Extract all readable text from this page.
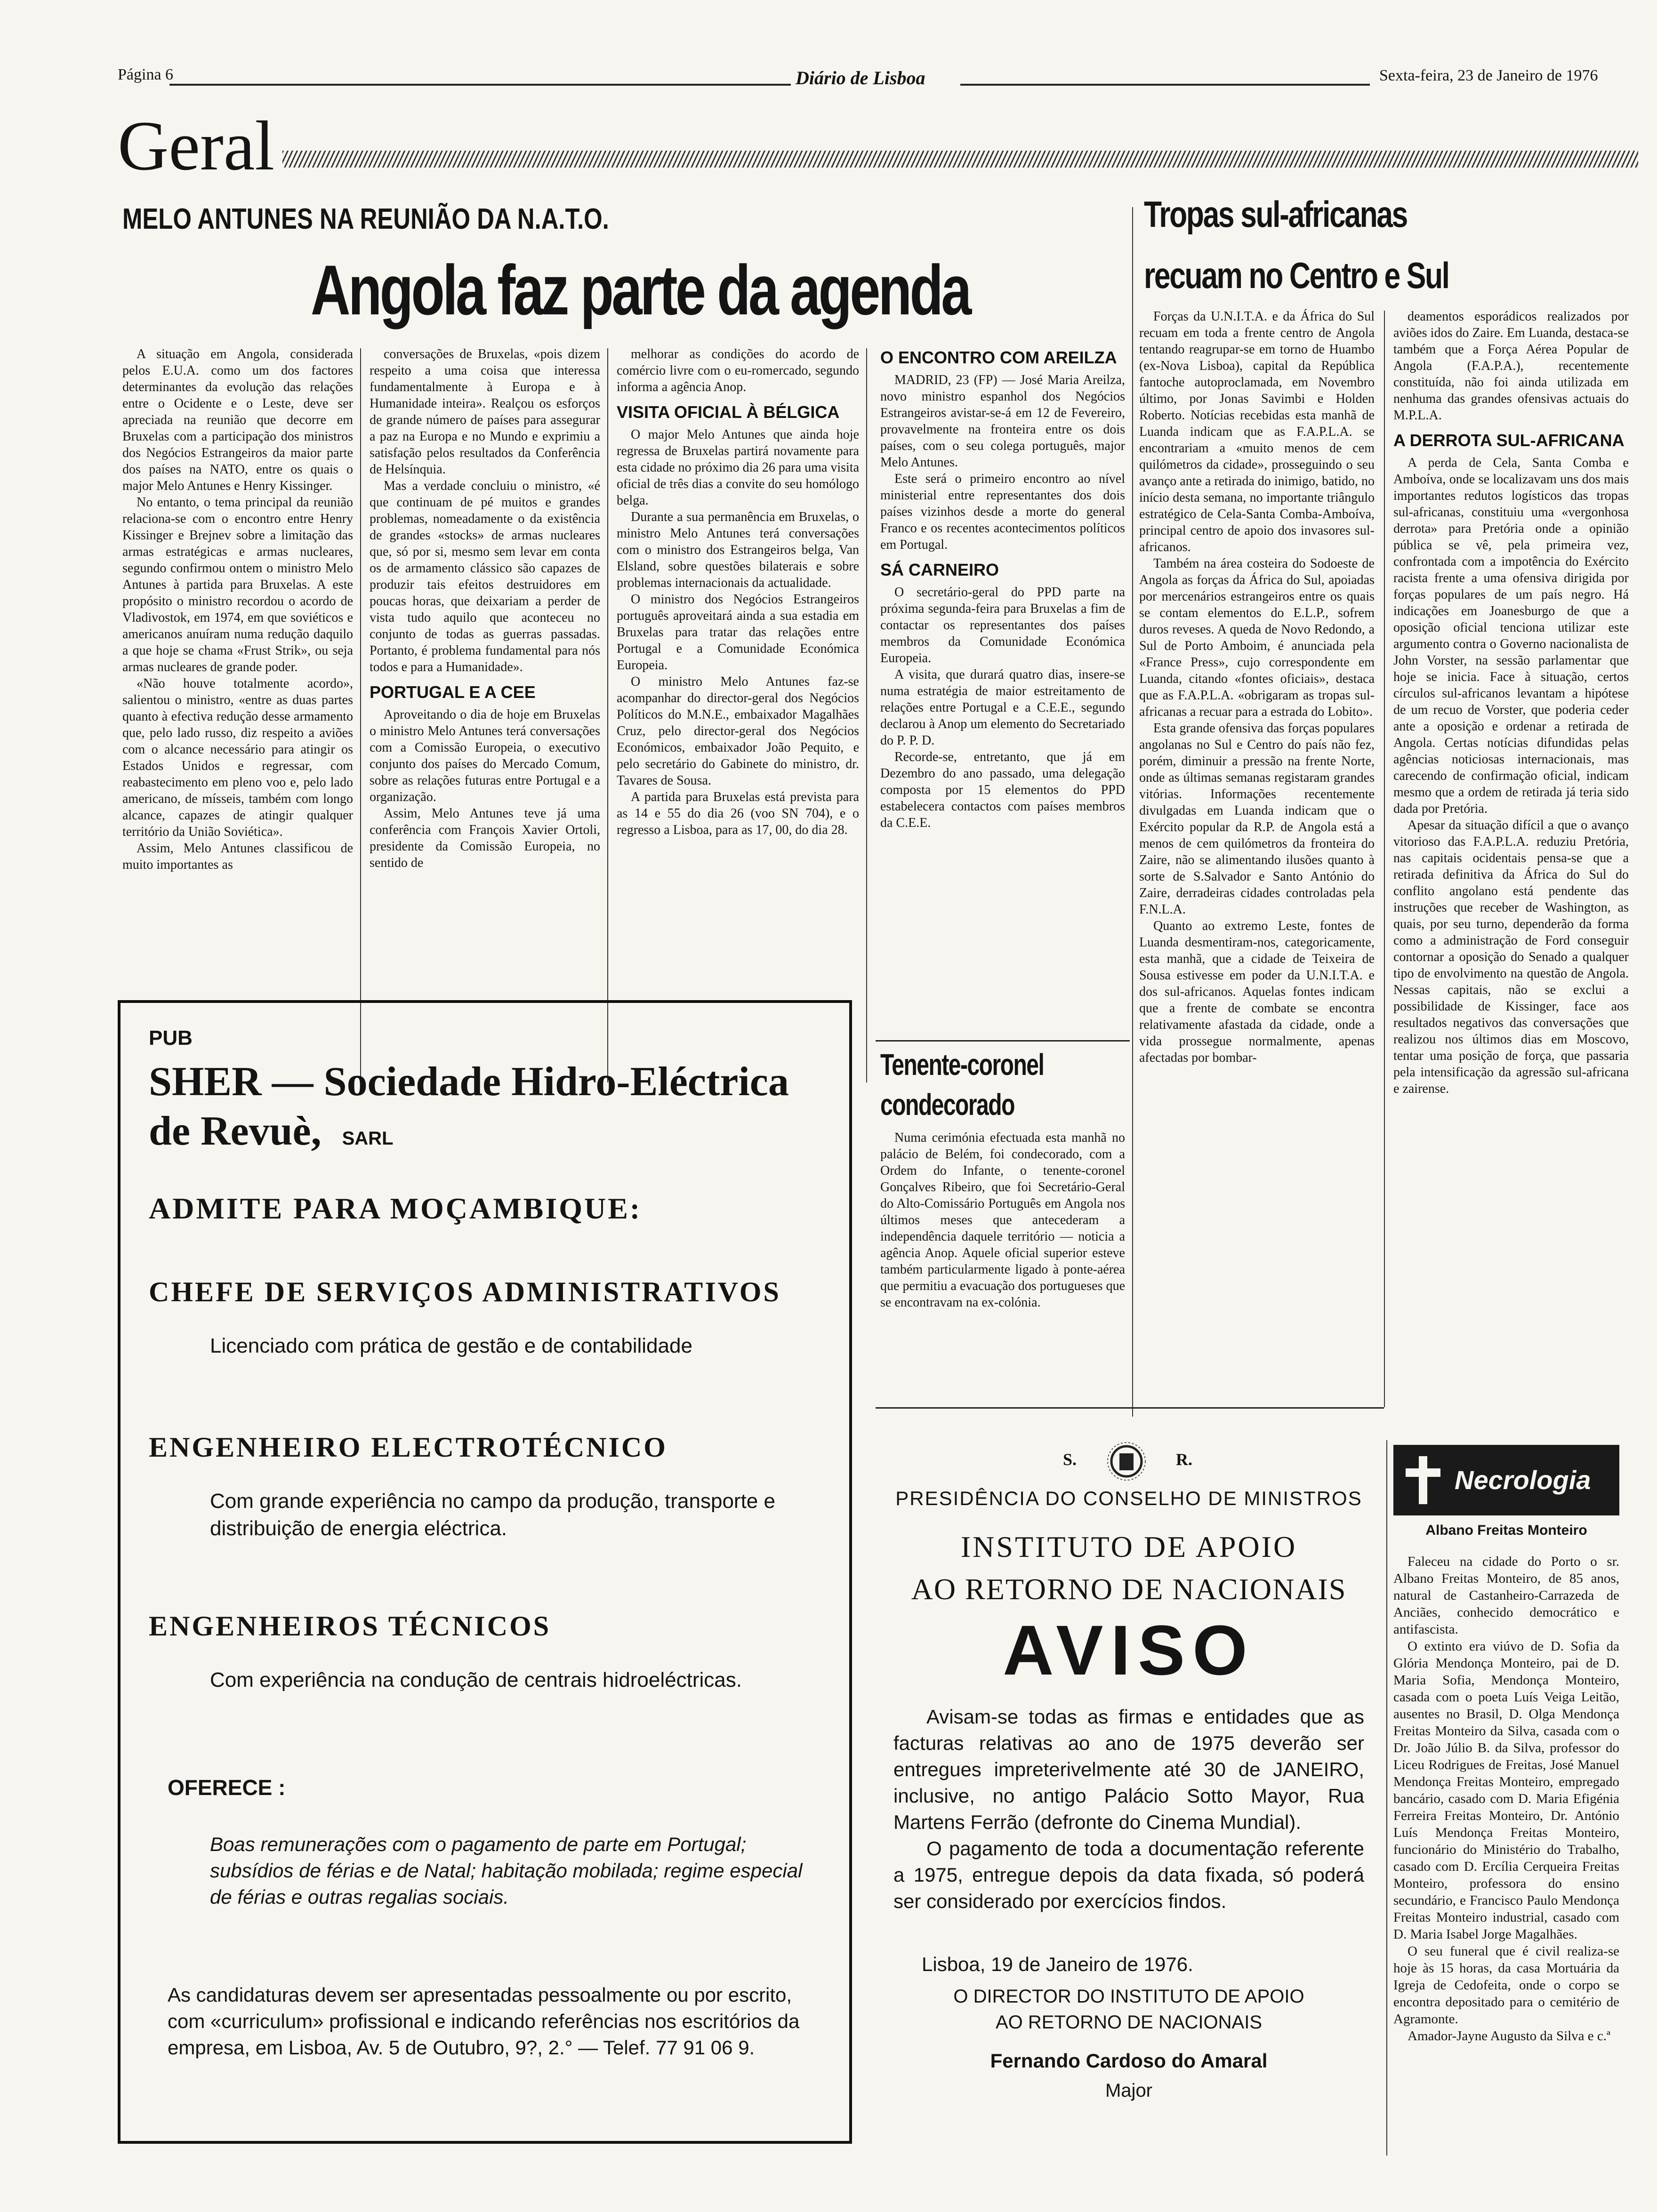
Página 6	Diário de Lisboa	Sexta-feira, 23 de Janeiro de 1976
Geral
MELO ANTUNES NA REUNIÃO DA N.A.T.O.
Angola faz parte da agenda

A situação em Angola, considerada pelos E.U.A. como um dos factores determinantes da evolução das relações entre o Ocidente e o Leste, deve ser apreciada na reunião que decorre em Bruxelas com a participação dos ministros dos Negócios Estrangeiros da maior parte dos países na NATO, entre os quais o major Melo Antunes e Henry Kissinger.

No entanto, o tema principal da reunião relaciona-se com o encontro entre Henry Kissinger e Brejnev sobre a limitação das armas estratégicas e armas nucleares, segundo confirmou ontem o ministro Melo Antunes à partida para Bruxelas. A este propósito o ministro recordou o acordo de Vladivostok, em 1974, em que soviéticos e americanos anuíram numa redução daquilo a que hoje se chama «Frust Strik», ou seja armas nucleares de grande poder.

«Não houve totalmente acordo», salientou o ministro, «entre as duas partes quanto à efectiva redução desse armamento que, pelo lado russo, diz respeito a aviões com o alcance necessário para atingir os Estados Unidos e regressar, com reabastecimento em pleno voo e, pelo lado americano, de mísseis, também com longo alcance, capazes de atingir qualquer território da União Soviética».

Assim, Melo Antunes classificou de muito importantes as

conversações de Bruxelas, «pois dizem respeito a uma coisa que interessa fundamentalmente à Europa e à Humanidade inteira». Realçou os esforços de grande número de países para assegurar a paz na Europa e no Mundo e exprimiu a satisfação pelos resultados da Conferência de Helsínquia.

Mas a verdade concluiu o ministro, «é que continuam de pé muitos e grandes problemas, nomeadamente o da existência de grandes «stocks» de armas nucleares que, só por si, mesmo sem levar em conta os de armamento clássico são capazes de produzir tais efeitos destruidores em poucas horas, que deixariam a perder de vista tudo aquilo que aconteceu no conjunto de todas as guerras passadas. Portanto, é problema fundamental para nós todos e para a Humanidade».

PORTUGAL E A CEE

Aproveitando o dia de hoje em Bruxelas o ministro Melo Antunes terá conversações com a Comissão Europeia, o executivo conjunto dos países do Mercado Comum, sobre as relações futuras entre Portugal e a organização.

Assim, Melo Antunes teve já uma conferência com François Xavier Ortoli, presidente da Comissão Europeia, no sentido de

melhorar as condições do acordo de comércio livre com o eu-romercado, segundo informa a agência Anop.

VISITA OFICIAL À BÉLGICA

O major Melo Antunes que ainda hoje regressa de Bruxelas partirá novamente para esta cidade no próximo dia 26 para uma visita oficial de três dias a convite do seu homólogo belga.

Durante a sua permanência em Bruxelas, o ministro Melo Antunes terá conversações com o ministro dos Estrangeiros belga, Van Elsland, sobre questões bilaterais e sobre problemas internacionais da actualidade.

O ministro dos Negócios Estrangeiros português aproveitará ainda a sua estadia em Bruxelas para tratar das relações entre Portugal e a Comunidade Económica Europeia.

O ministro Melo Antunes faz-se acompanhar do director-geral dos Negócios Políticos do M.N.E., embaixador Magalhães Cruz, pelo director-geral dos Negócios Económicos, embaixador João Pequito, e pelo secretário do Gabinete do ministro, dr. Tavares de Sousa.

A partida para Bruxelas está prevista para as 14 e 55 do dia 26 (voo SN 704), e o regresso a Lisboa, para as 17, 00, do dia 28.

O ENCONTRO COM AREILZA

MADRID, 23 (FP) — José Maria Areilza, novo ministro espanhol dos Negócios Estrangeiros avistar-se-á em 12 de Fevereiro, provavelmente na fronteira entre os dois países, com o seu colega português, major Melo Antunes.

Este será o primeiro encontro ao nível ministerial entre representantes dos dois países vizinhos desde a morte do general Franco e os recentes acontecimentos políticos em Portugal.

SÁ CARNEIRO

O secretário-geral do PPD parte na próxima segunda-feira para Bruxelas a fim de contactar os representantes dos países membros da Comunidade Económica Europeia.

A visita, que durará quatro dias, insere-se numa estratégia de maior estreitamento de relações entre Portugal e a C.E.E., segundo declarou à Anop um elemento do Secretariado do P. P. D.

Recorde-se, entretanto, que já em Dezembro do ano passado, uma delegação composta por 15 elementos do PPD estabelecera contactos com países membros da C.E.E.

Tenente-coronel
condecorado

Numa cerimónia efectuada esta manhã no palácio de Belém, foi condecorado, com a Ordem do Infante, o tenente-coronel Gonçalves Ribeiro, que foi Secretário-Geral do Alto-Comissário Português em Angola nos últimos meses que antecederam a independência daquele território — noticia a agência Anop. Aquele oficial superior esteve também particularmente ligado à ponte-aérea que permitiu a evacuação dos portugueses que se encontravam na ex-colónia.

Tropas sul-africanas
recuam no Centro e Sul

Forças da U.N.I.T.A. e da África do Sul recuam em toda a frente centro de Angola tentando reagrupar-se em torno de Huambo (ex-Nova Lisboa), capital da República fantoche autoproclamada, em Novembro último, por Jonas Savimbi e Holden Roberto. Notícias recebidas esta manhã de Luanda indicam que as F.A.P.L.A. se encontrariam a «muito menos de cem quilómetros da cidade», prosseguindo o seu avanço ante a retirada do inimigo, batido, no início desta semana, no importante triângulo estratégico de Cela-Santa Comba-Amboíva, principal centro de apoio dos invasores sul-africanos.

Também na área costeira do Sodoeste de Angola as forças da África do Sul, apoiadas por mercenários estrangeiros entre os quais se contam elementos do E.L.P., sofrem duros reveses. A queda de Novo Redondo, a Sul de Porto Amboim, é anunciada pela «France Press», cujo correspondente em Luanda, citando «fontes oficiais», destaca que as F.A.P.L.A. «obrigaram as tropas sul-africanas a recuar para a estrada do Lobito».

Esta grande ofensiva das forças populares angolanas no Sul e Centro do país não fez, porém, diminuir a pressão na frente Norte, onde as últimas semanas registaram grandes vitórias. Informações recentemente divulgadas em Luanda indicam que o Exército popular da R.P. de Angola está a menos de cem quilómetros da fronteira do Zaire, não se alimentando ilusões quanto à sorte de S.Salvador e Santo António do Zaire, derradeiras cidades controladas pela F.N.L.A.

Quanto ao extremo Leste, fontes de Luanda desmentiram-nos, categoricamente, esta manhã, que a cidade de Teixeira de Sousa estivesse em poder da U.N.I.T.A. e dos sul-africanos. Aquelas fontes indicam que a frente de combate se encontra relativamente afastada da cidade, onde a vida prossegue normalmente, apenas afectadas por bombar-

deamentos esporádicos realizados por aviões idos do Zaire. Em Luanda, destaca-se também que a Força Aérea Popular de Angola (F.A.P.A.), recentemente constituída, não foi ainda utilizada em nenhuma das grandes ofensivas actuais do M.P.L.A.

A DERROTA SUL-AFRICANA

A perda de Cela, Santa Comba e Amboíva, onde se localizavam uns dos mais importantes redutos logísticos das tropas sul-africanas, constituiu uma «vergonhosa derrota» para Pretória onde a opinião pública se vê, pela primeira vez, confrontada com a impotência do Exército racista frente a uma ofensiva dirigida por forças populares de um país negro. Há indicações em Joanesburgo de que a oposição oficial tenciona utilizar este argumento contra o Governo nacionalista de John Vorster, na sessão parlamentar que hoje se inicia. Face à situação, certos círculos sul-africanos levantam a hipótese de um recuo de Vorster, que poderia ceder ante a oposição e ordenar a retirada de Angola. Certas notícias difundidas pelas agências noticiosas internacionais, mas carecendo de confirmação oficial, indicam mesmo que a ordem de retirada já teria sido dada por Pretória.

Apesar da situação difícil a que o avanço vitorioso das F.A.P.L.A. reduziu Pretória, nas capitais ocidentais pensa-se que a retirada definitiva da África do Sul do conflito angolano está pendente das instruções que receber de Washington, as quais, por seu turno, dependerão da forma como a administração de Ford conseguir contornar a oposição do Senado a qualquer tipo de envolvimento na questão de Angola. Nessas capitais, não se exclui a possibilidade de Kissinger, face aos resultados negativos das conversações que realizou nos últimos dias em Moscovo, tentar uma posição de força, que passaria pela intensificação da agressão sul-africana e zairense.

PUB
SHER — Sociedade Hidro-Eléctrica de Revuè, SARL
ADMITE PARA MOÇAMBIQUE:
CHEFE DE SERVIÇOS ADMINISTRATIVOS
Licenciado com prática de gestão e de contabilidade
ENGENHEIRO ELECTROTÉCNICO
Com grande experiência no campo da produção, transporte e distribuição de energia eléctrica.
ENGENHEIROS TÉCNICOS
Com experiência na condução de centrais hidroeléctricas.
OFERECE :
Boas remunerações com o pagamento de parte em Portugal; subsídios de férias e de Natal; habitação mobilada; regime especial de férias e outras regalias sociais.
As candidaturas devem ser apresentadas pessoalmente ou por escrito, com «curriculum» profissional e indicando referências nos escritórios da empresa, em Lisboa, Av. 5 de Outubro, 9?, 2.° — Telef. 77 91 06 9.
S.	R.
PRESIDÊNCIA DO CONSELHO DE MINISTROS
INSTITUTO DE APOIO
AO RETORNO DE NACIONAIS
AVISO
Avisam-se todas as firmas e entidades que as facturas relativas ao ano de 1975 deverão ser entregues impreterivelmente até 30 de JANEIRO, inclusive, no antigo Palácio Sotto Mayor, Rua Martens Ferrão (defronte do Cinema Mundial).
O pagamento de toda a documentação referente a 1975, entregue depois da data fixada, só poderá ser considerado por exercícios findos.
Lisboa, 19 de Janeiro de 1976.
O DIRECTOR DO INSTITUTO DE APOIO
AO RETORNO DE NACIONAIS
Fernando Cardoso do Amaral
Major
Necrologia
Albano Freitas Monteiro

Faleceu na cidade do Porto o sr. Albano Freitas Monteiro, de 85 anos, natural de Castanheiro-Carrazeda de Anciães, conhecido democrático e antifascista.

O extinto era viúvo de D. Sofia da Glória Mendonça Monteiro, pai de D. Maria Sofia, Mendonça Monteiro, casada com o poeta Luís Veiga Leitão, ausentes no Brasil, D. Olga Mendonça Freitas Monteiro da Silva, casada com o Dr. João Júlio B. da Silva, professor do Liceu Rodrigues de Freitas, José Manuel Mendonça Freitas Monteiro, empregado bancário, casado com D. Maria Efigénia Ferreira Freitas Monteiro, Dr. António Luís Mendonça Freitas Monteiro, funcionário do Ministério do Trabalho, casado com D. Ercília Cerqueira Freitas Monteiro, professora do ensino secundário, e Francisco Paulo Mendonça Freitas Monteiro industrial, casado com D. Maria Isabel Jorge Magalhães.

O seu funeral que é civil realiza-se hoje às 15 horas, da casa Mortuária da Igreja de Cedofeita, onde o corpo se encontra depositado para o cemitério de Agramonte.

Amador-Jayne Augusto da Silva e c.ª
